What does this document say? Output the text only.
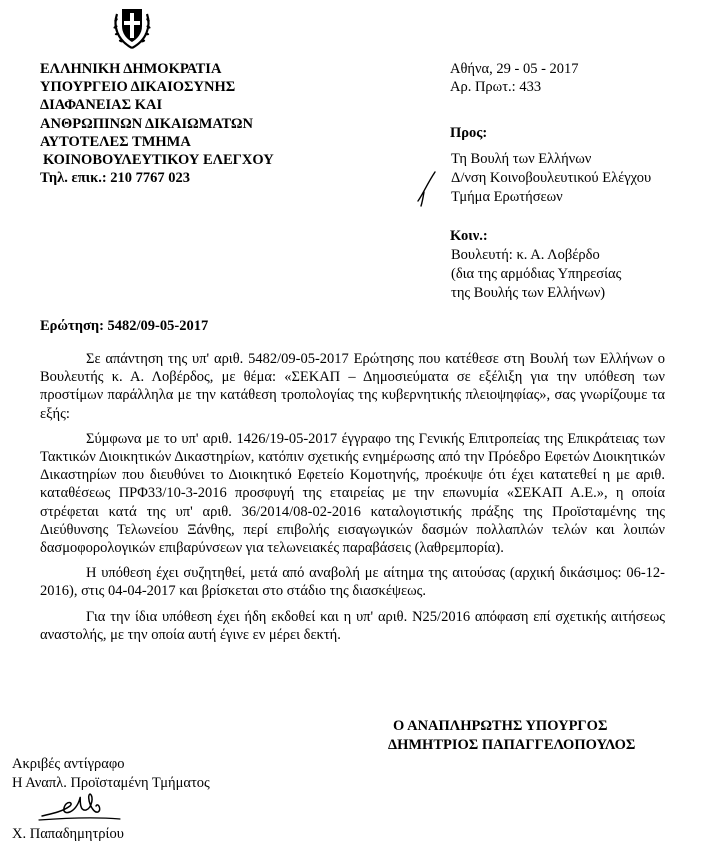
ΕΛΛΗΝΙΚΗ ΔΗΜΟΚΡΑΤΙΑ
ΥΠΟΥΡΓΕΙΟ ΔΙΚΑΙΟΣΥΝΗΣ
ΔΙΑΦΑΝΕΙΑΣ ΚΑΙ
ΑΝΘΡΩΠΙΝΩΝ ΔΙΚΑΙΩΜΑΤΩΝ
ΑΥΤΟΤΕΛΕΣ ΤΜΗΜΑ
ΚΟΙΝΟΒΟΥΛΕΥΤΙΚΟΥ ΕΛΕΓΧΟΥ
Τηλ. επικ.: 210 7767 023
Αθήνα, 29 - 05 - 2017
Αρ. Πρωτ.: 433
Προς:
Τη Βουλή των Ελλήνων
Δ/νση Κοινοβουλευτικού Ελέγχου
Τμήμα Ερωτήσεων
Κοιν.:
Βουλευτή: κ. Α. Λοβέρδο
(δια της αρμόδιας Υπηρεσίας
της Βουλής των Ελλήνων)
Ερώτηση: 5482/09-05-2017

Σε απάντηση της υπ' αριθ. 5482/09-05-2017 Ερώτησης που κατέθεσε στη Βουλή των Ελλήνων ο Βουλευτής κ. Α. Λοβέρδος, με θέμα: «ΣΕΚΑΠ – Δημοσιεύματα σε εξέλιξη για την υπόθεση των προστίμων παράλληλα με την κατάθεση τροπολογίας της κυβερνητικής πλειοψηφίας», σας γνωρίζουμε τα εξής:

Σύμφωνα με το υπ' αριθ. 1426/19-05-2017 έγγραφο της Γενικής Επιτροπείας της Επικράτειας των Τακτικών Διοικητικών Δικαστηρίων, κατόπιν σχετικής ενημέρωσης από την Πρόεδρο Εφετών Διοικητικών Δικαστηρίων που διευθύνει το Διοικητικό Εφετείο Κομοτηνής, προέκυψε ότι έχει κατατεθεί η με αριθ. καταθέσεως ΠΡΦ33/10-3-2016 προσφυγή της εταιρείας με την επωνυμία «ΣΕΚΑΠ Α.Ε.», η οποία στρέφεται κατά της υπ' αριθ. 36/2014/08-02-2016 καταλογιστικής πράξης της Προϊσταμένης της Διεύθυνσης Τελωνείου Ξάνθης, περί επιβολής εισαγωγικών δασμών πολλαπλών τελών και λοιπών δασμοφορολογικών επιβαρύνσεων για τελωνειακές παραβάσεις (λαθρεμπορία).

Η υπόθεση έχει συζητηθεί, μετά από αναβολή με αίτημα της αιτούσας (αρχική δικάσιμος: 06-12-2016), στις 04-04-2017 και βρίσκεται στο στάδιο της διασκέψεως.

Για την ίδια υπόθεση έχει ήδη εκδοθεί και η υπ' αριθ. Ν25/2016 απόφαση επί σχετικής αιτήσεως αναστολής, με την οποία αυτή έγινε εν μέρει δεκτή.

Ο ΑΝΑΠΛΗΡΩΤΗΣ ΥΠΟΥΡΓΟΣ
ΔΗΜΗΤΡΙΟΣ ΠΑΠΑΓΓΕΛΟΠΟΥΛΟΣ
Ακριβές αντίγραφο
Η Αναπλ. Προϊσταμένη Τμήματος
Χ. Παπαδημητρίου
